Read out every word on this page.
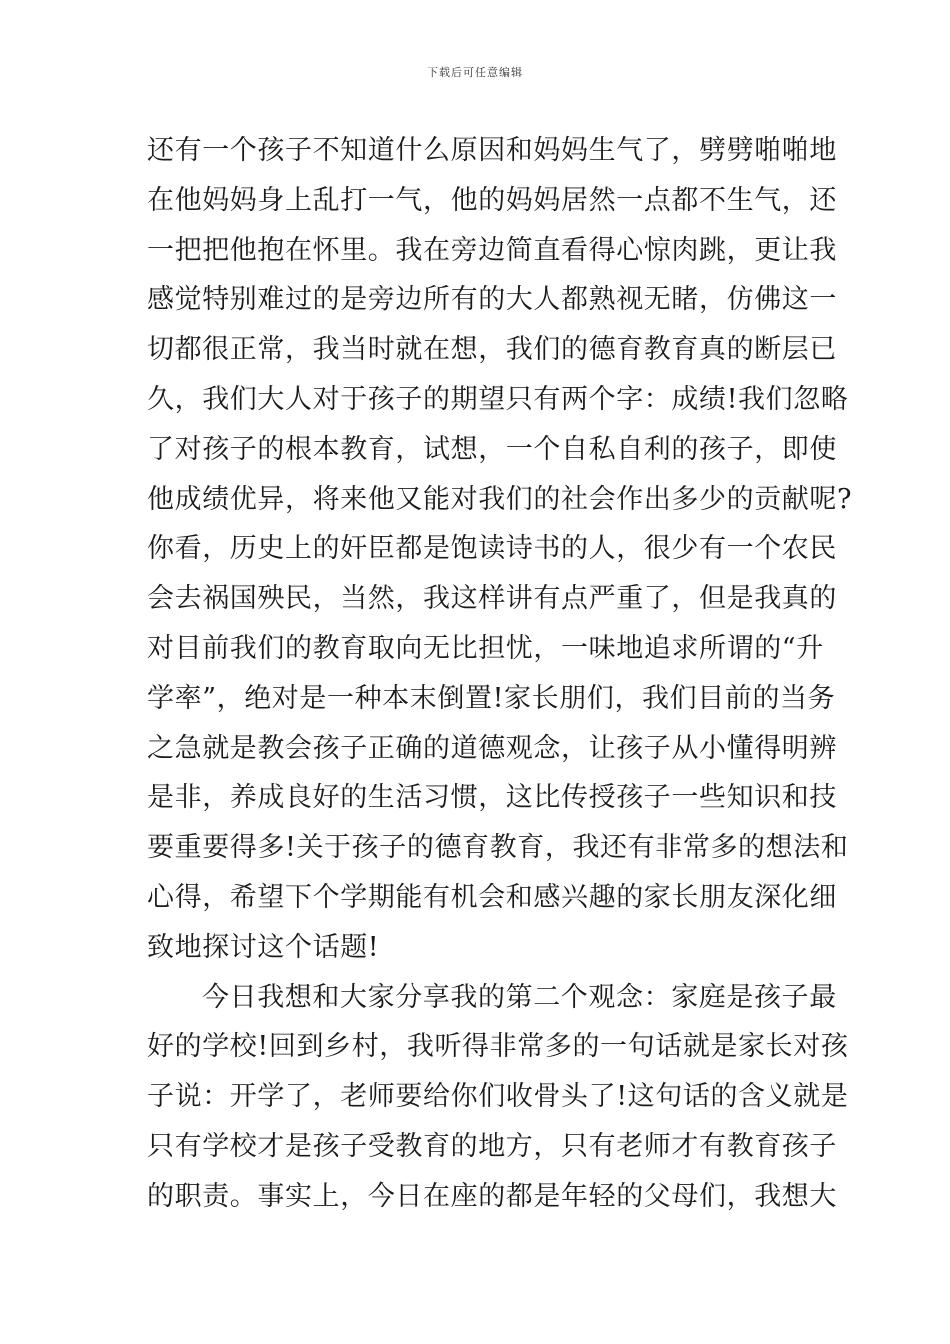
下载后可任意编辑
还有一个孩子不知道什么原因和妈妈生气了，劈劈啪啪地
在他妈妈身上乱打一气，他的妈妈居然一点都不生气，还
一把把他抱在怀里。我在旁边简直看得心惊肉跳，更让我
感觉特别难过的是旁边所有的大人都熟视无睹，仿佛这一
切都很正常，我当时就在想，我们的德育教育真的断层已
久，我们大人对于孩子的期望只有两个字：成绩!我们忽略
了对孩子的根本教育，试想，一个自私自利的孩子，即使
他成绩优异，将来他又能对我们的社会作出多少的贡献呢?
你看，历史上的奸臣都是饱读诗书的人，很少有一个农民
会去祸国殃民，当然，我这样讲有点严重了，但是我真的
对目前我们的教育取向无比担忧，一味地追求所谓的“升
学率”，绝对是一种本末倒置!家长朋们，我们目前的当务
之急就是教会孩子正确的道德观念，让孩子从小懂得明辨
是非，养成良好的生活习惯，这比传授孩子一些知识和技
要重要得多!关于孩子的德育教育，我还有非常多的想法和
心得，希望下个学期能有机会和感兴趣的家长朋友深化细
致地探讨这个话题!
今日我想和大家分享我的第二个观念：家庭是孩子最
好的学校!回到乡村，我听得非常多的一句话就是家长对孩
子说：开学了，老师要给你们收骨头了!这句话的含义就是
只有学校才是孩子受教育的地方，只有老师才有教育孩子
的职责。事实上，今日在座的都是年轻的父母们，我想大
